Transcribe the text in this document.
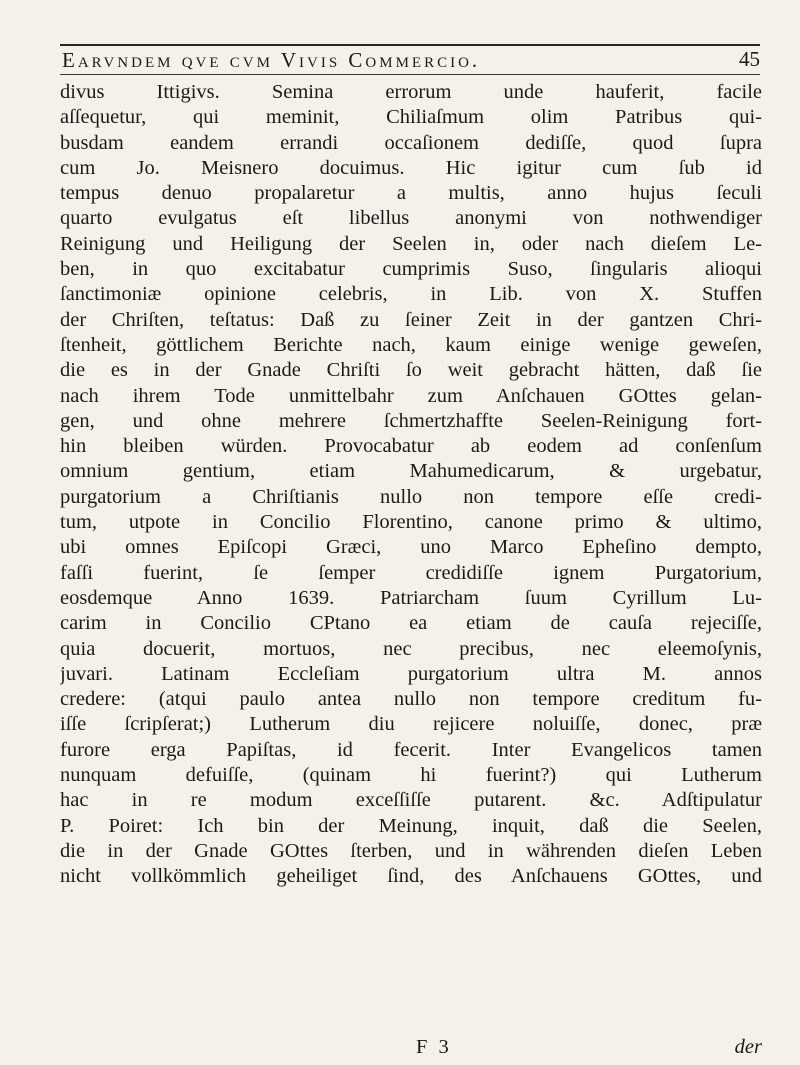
Earvndem qve cvm Vivis Commercio.	45
divus Ittigivs. Semina errorum unde hauferit, facile
aſſequetur, qui meminit, Chiliaſmum olim Patribus qui-
busdam eandem errandi occaſionem dediſſe, quod ſupra
cum Jo. Meisnero docuimus. Hic igitur cum ſub id
tempus denuo propalaretur a multis, anno hujus ſeculi
quarto evulgatus eſt libellus anonymi von nothwendiger
Reinigung und Heiligung der Seelen in, oder nach dieſem Le-
ben, in quo excitabatur cumprimis Suso, ſingularis alioqui
ſanctimoniæ opinione celebris, in Lib. von X. Stuffen
der Chriſten, teſtatus: Daß zu ſeiner Zeit in der gantzen Chri-
ſtenheit, göttlichem Berichte nach, kaum einige wenige geweſen,
die es in der Gnade Chriſti ſo weit gebracht hätten, daß ſie
nach ihrem Tode unmittelbahr zum Anſchauen GOttes gelan-
gen, und ohne mehrere ſchmertzhaffte Seelen-Reinigung fort-
hin bleiben würden. Provocabatur ab eodem ad conſenſum
omnium gentium, etiam Mahumedicarum, & urgebatur,
purgatorium a Chriſtianis nullo non tempore eſſe credi-
tum, utpote in Concilio Florentino, canone primo & ultimo,
ubi omnes Epiſcopi Græci, uno Marco Epheſino dempto,
faſſi fuerint, ſe ſemper credidiſſe ignem Purgatorium,
eosdemque Anno 1639. Patriarcham ſuum Cyrillum Lu-
carim in Concilio CPtano ea etiam de cauſa rejeciſſe,
quia docuerit, mortuos, nec precibus, nec eleemoſynis,
juvari. Latinam Eccleſiam purgatorium ultra M. annos
credere: (atqui paulo antea nullo non tempore creditum fu-
iſſe ſcripſerat;) Lutherum diu rejicere noluiſſe, donec, præ
furore erga Papiſtas, id fecerit. Inter Evangelicos tamen
nunquam defuiſſe, (quinam hi fuerint?) qui Lutherum
hac in re modum exceſſiſſe putarent. &c. Adſtipulatur
P. Poiret: Ich bin der Meinung, inquit, daß die Seelen,
die in der Gnade GOttes ſterben, und in währenden dieſen Leben
nicht vollkömmlich geheiliget ſind, des Anſchauens GOttes, und
F 3	der
